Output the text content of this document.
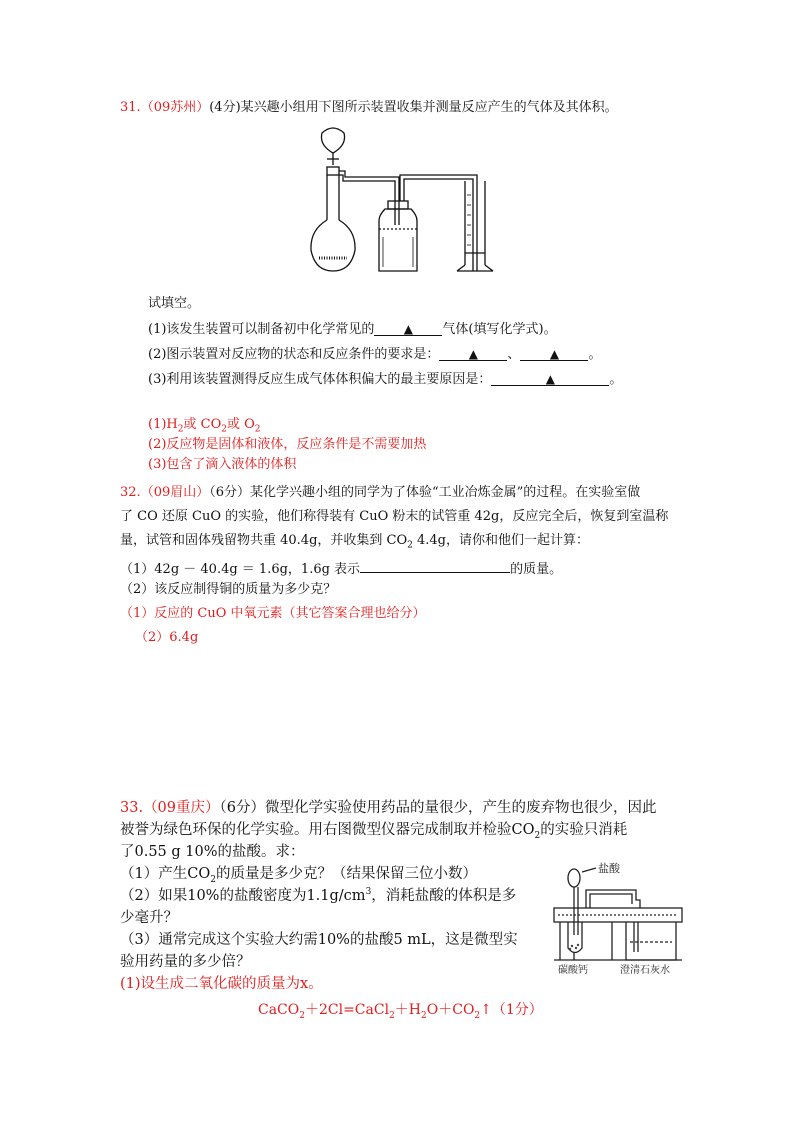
31.（09苏州）(4分)某兴趣小组用下图所示装置收集并测量反应产生的气体及其体积。
试填空。
(1)该发生装置可以制备初中化学常见的 ▲ 气体(填写化学式)。
(2)图示装置对反应物的状态和反应条件的要求是： ▲ 、 ▲ 。
(3)利用该装置测得反应生成气体体积偏大的最主要原因是：	▲	。
$(1)H_2$或 $CO_2$或 $O_2$
(2)反应物是固体和液体，反应条件是不需要加热
(3)包含了滴入液体的体积
32.（09眉山）（6分）某化学兴趣小组的同学为了体验“工业冶炼金属”的过程。在实验室做
了 CO 还原 CuO 的实验，他们称得装有 CuO 粉末的试管重 42g，反应完全后，恢复到室温称
量，试管和固体残留物共重 40.4g，并收集到 $CO_2$ 4.4g，请你和他们一起计算：
（1）42g － 40.4g ＝ 1.6g，1.6g 表示	的质量。
（2）该反应制得铜的质量为多少克？
（1）反应的 CuO 中氧元素（其它答案合理也给分）
（2）6.4g
33.（09重庆）（6分）微型化学实验使用药品的量很少，产生的废弃物也很少，因此
被誉为绿色环保的化学实验。用右图微型仪器完成制取并检验$CO_2$的实验只消耗
了0.55 g 10%的盐酸。求：
（1）产生$CO_2$的质量是多少克？（结果保留三位小数）
（2）如果10%的盐酸密度为$1.1g/cm^3$，消耗盐酸的体积是多
少毫升？
（3）通常完成这个实验大约需10%的盐酸5 mL，这是微型实
验用药量的多少倍？
(1)设生成二氧化碳的质量为x。
$CaCO_2+2Cl=CaCl_2+H_2O+CO_2↑(1$分）
盐酸
碳酸钙	澄清石灰水
